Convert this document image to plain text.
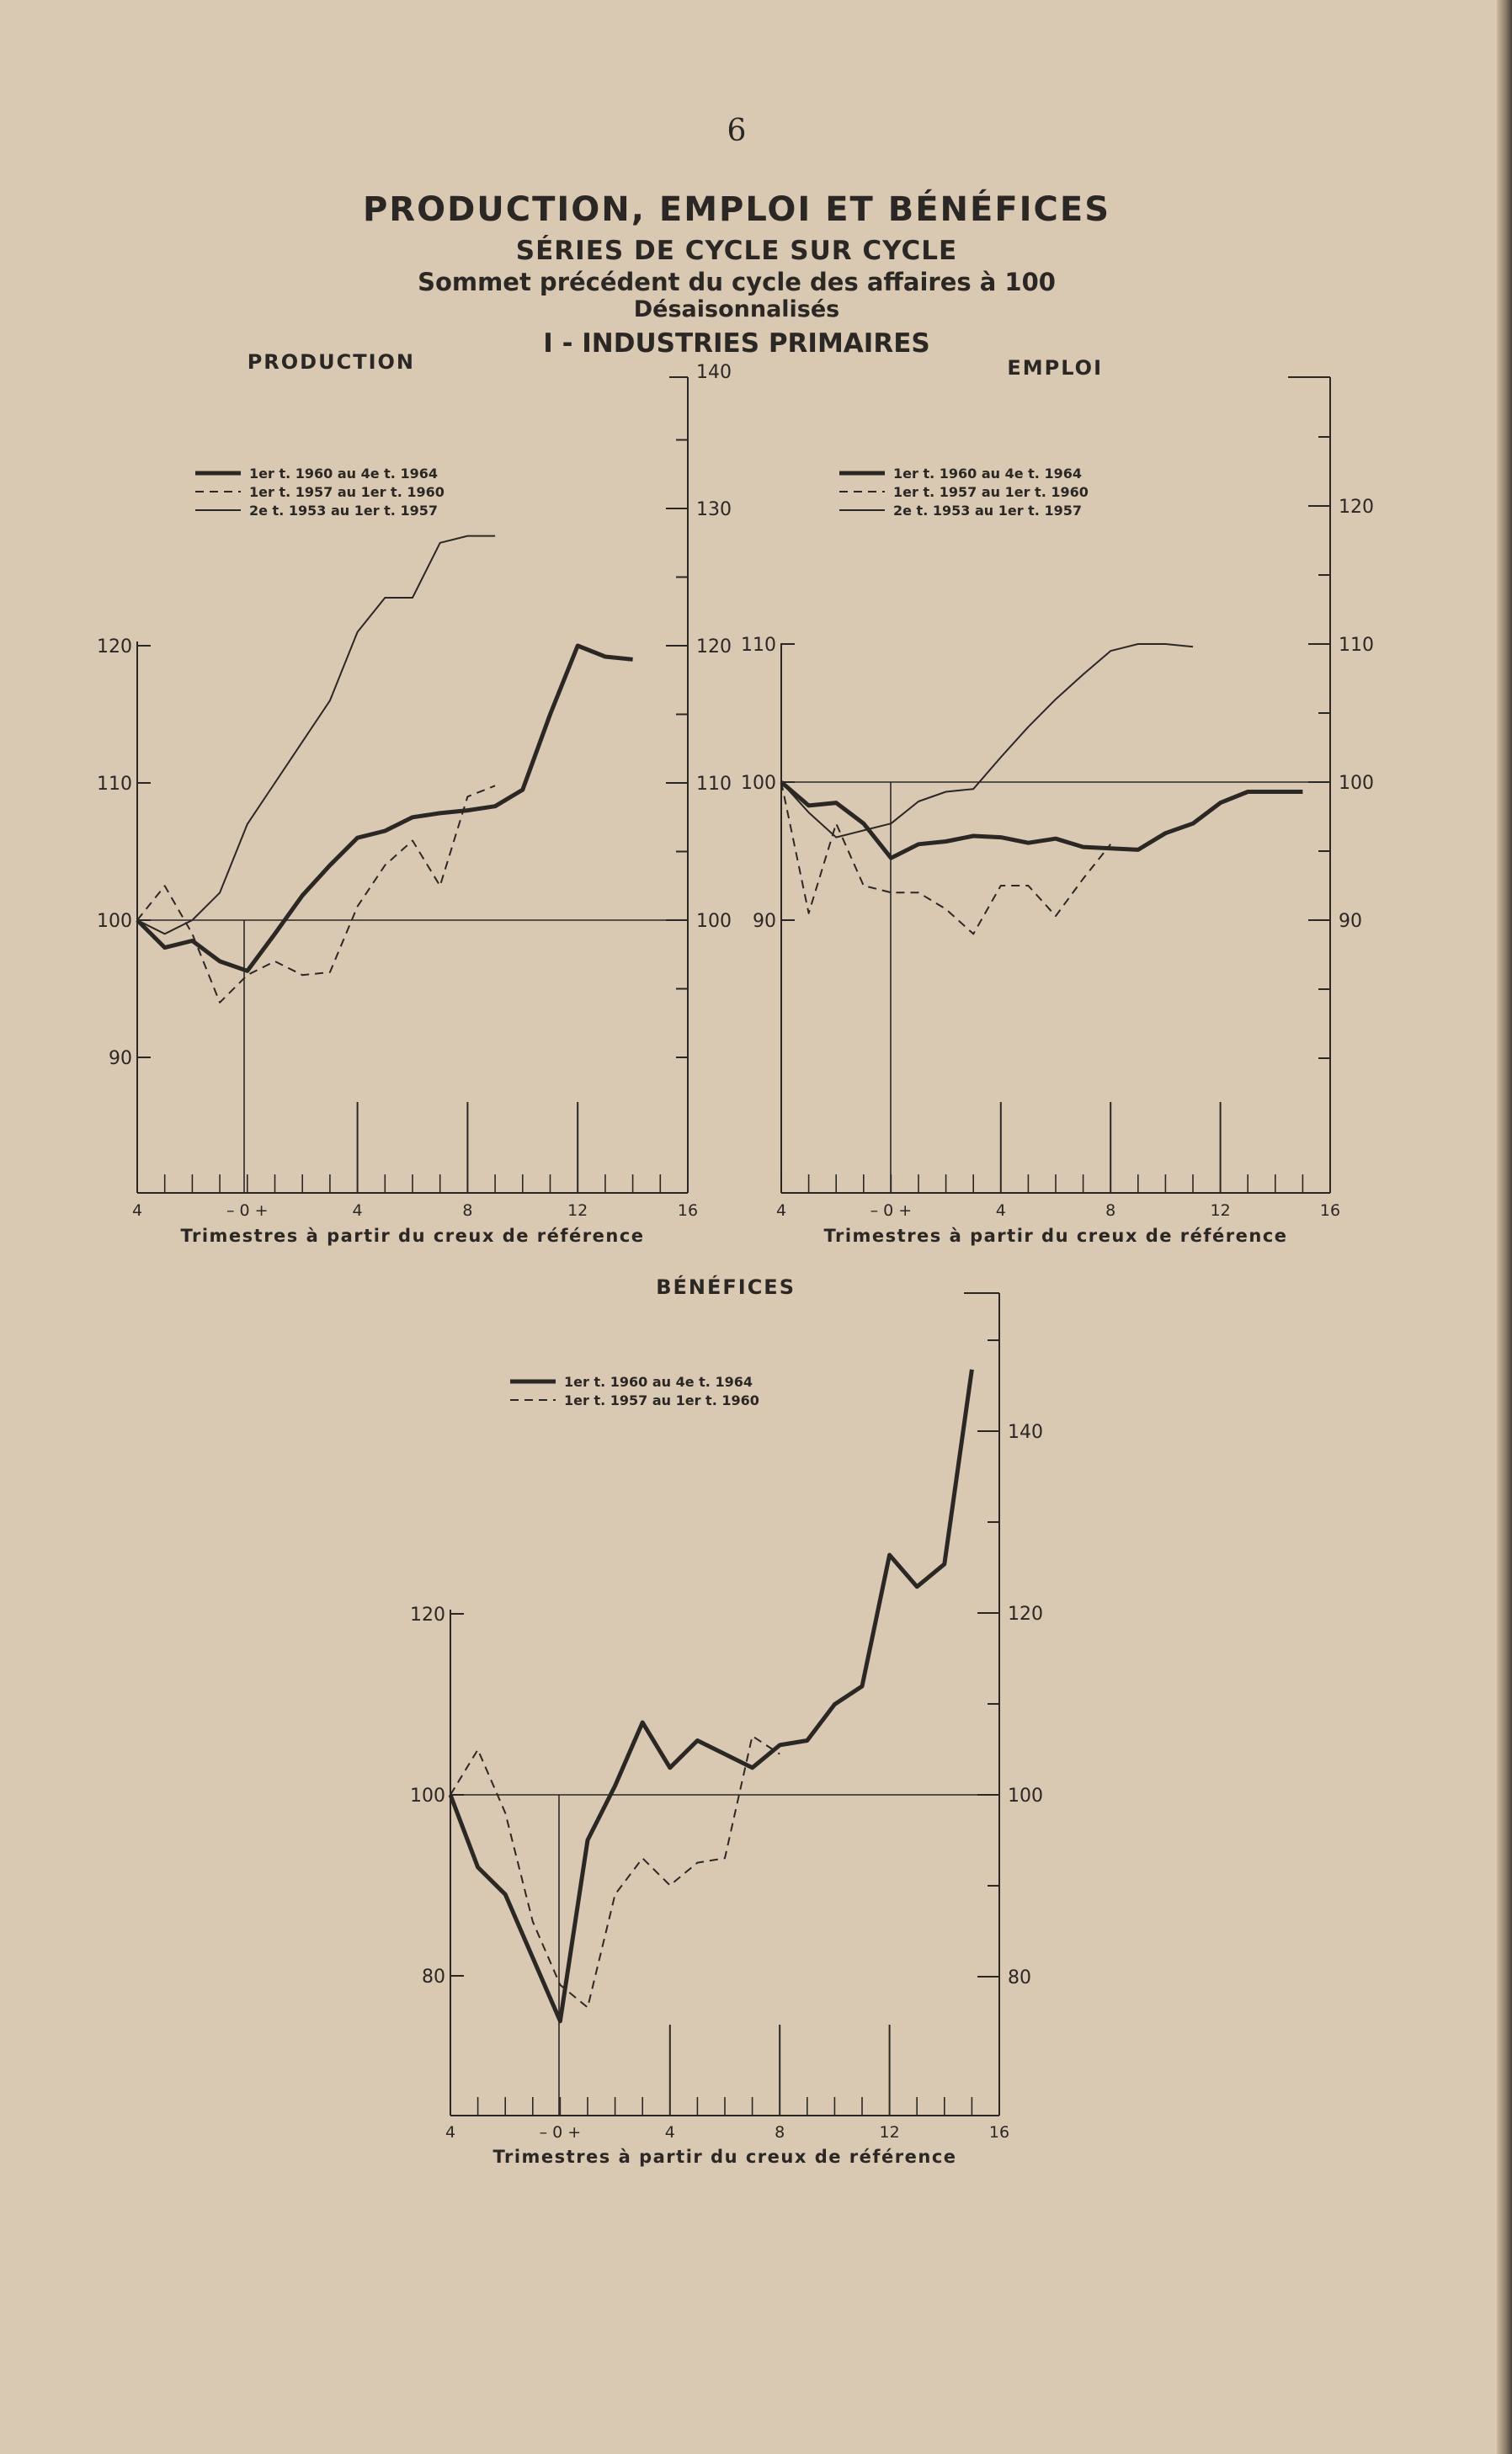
6
PRODUCTION, EMPLOI ET BÉNÉFICES
SÉRIES DE CYCLE SUR CYCLE
Sommet précédent du cycle des affaires à 100
Désaisonnalisés
I - INDUSTRIES PRIMAIRES
PRODUCTION
4	– 0 +	4	8	12	16
Trimestres à partir du creux de référence
120
110
100
90
140
130
120
110
100
1er t. 1960 au 4e t. 1964
1er t. 1957 au 1er t. 1960
2e t. 1953 au 1er t. 1957
EMPLOI
4	– 0 +	4	8	12	16
Trimestres à partir du creux de référence
110
100
90
120
110
100
90
1er t. 1960 au 4e t. 1964
1er t. 1957 au 1er t. 1960
2e t. 1953 au 1er t. 1957
BÉNÉFICES
4	– 0 +	4	8	12	16
Trimestres à partir du creux de référence
120
100
80
140
120
100
80
1er t. 1960 au 4e t. 1964
1er t. 1957 au 1er t. 1960
